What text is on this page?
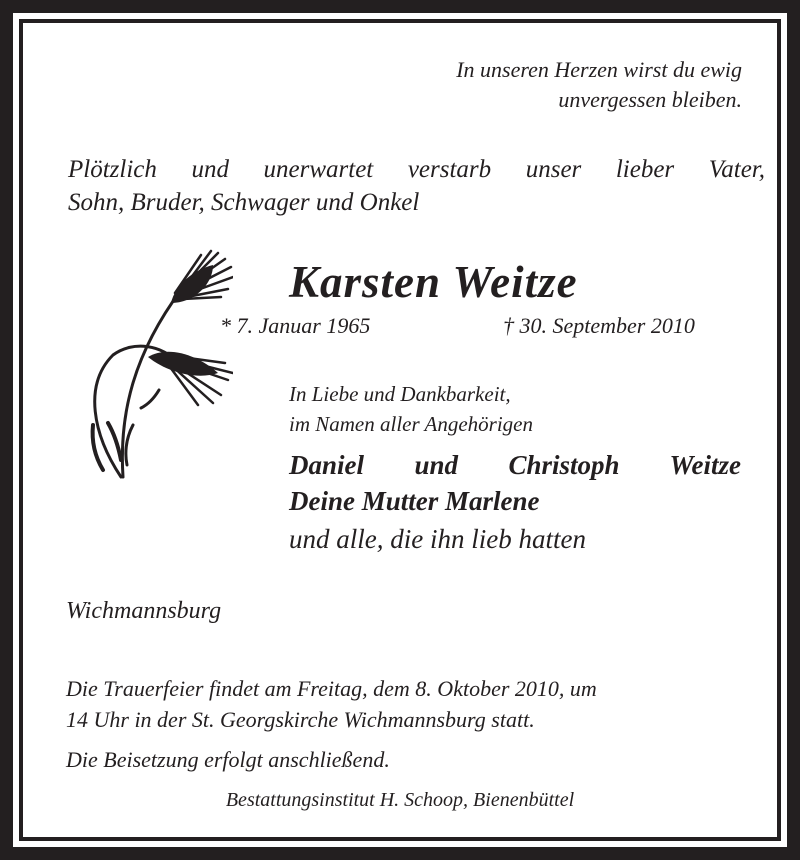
In unseren Herzen wirst du ewig
unvergessen bleiben.
Plötzlich und unerwartet verstarb unser lieber Vater,
Sohn, Bruder, Schwager und Onkel
Karsten Weitze
* 7. Januar 1965	† 30. September 2010
In Liebe und Dankbarkeit,
im Namen aller Angehörigen
Daniel und Christoph Weitze
Deine Mutter Marlene
und alle, die ihn lieb hatten
Wichmannsburg
Die Trauerfeier findet am Freitag, dem 8. Oktober 2010, um
14 Uhr in der St. Georgskirche Wichmannsburg statt.
Die Beisetzung erfolgt anschließend.
Bestattungsinstitut H. Schoop, Bienenbüttel
